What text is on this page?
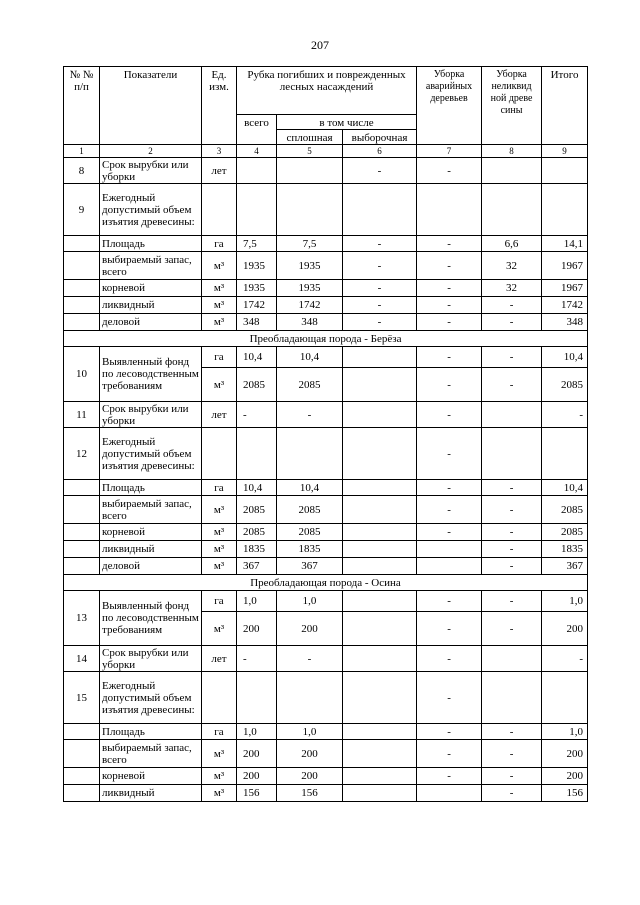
207
№ № п/п	Показатели	Ед. изм.	Рубка погибших и поврежденных лесных насаждений			Уборка аварийных деревьев	Уборка неликвид ной древе сины	Итого
			всего	в том числе				
				сплошная	выборочная			
1	2	3	4	5	6	7	8	9
8	Срок вырубки или уборки	лет			-	-		
9	Ежегодный допустимый объем изъятия древесины:							
	Площадь	га	7,5	7,5	-	-	6,6	14,1
	выбираемый запас, всего	м³	1935	1935	-	-	32	1967
	корневой	м³	1935	1935	-	-	32	1967
	ликвидный	м³	1742	1742	-	-	-	1742
	деловой	м³	348	348	-	-	-	348
Преобладающая порода - Берёза								
10	Выявленный фонд по лесоводственным требованиям	га	10,4	10,4		-	-	10,4
		м³	2085	2085		-	-	2085
11	Срок вырубки или уборки	лет	-	-		-		-
12	Ежегодный допустимый объем изъятия древесины:					-		
	Площадь	га	10,4	10,4		-	-	10,4
	выбираемый запас, всего	м³	2085	2085		-	-	2085
	корневой	м³	2085	2085		-	-	2085
	ликвидный	м³	1835	1835			-	1835
	деловой	м³	367	367			-	367
Преобладающая порода - Осина								
13	Выявленный фонд по лесоводственным требованиям	га	1,0	1,0		-	-	1,0
		м³	200	200		-	-	200
14	Срок вырубки или уборки	лет	-	-		-		-
15	Ежегодный допустимый объем изъятия древесины:					-		
	Площадь	га	1,0	1,0		-	-	1,0
	выбираемый запас, всего	м³	200	200		-	-	200
	корневой	м³	200	200		-	-	200
	ликвидный	м³	156	156			-	156
